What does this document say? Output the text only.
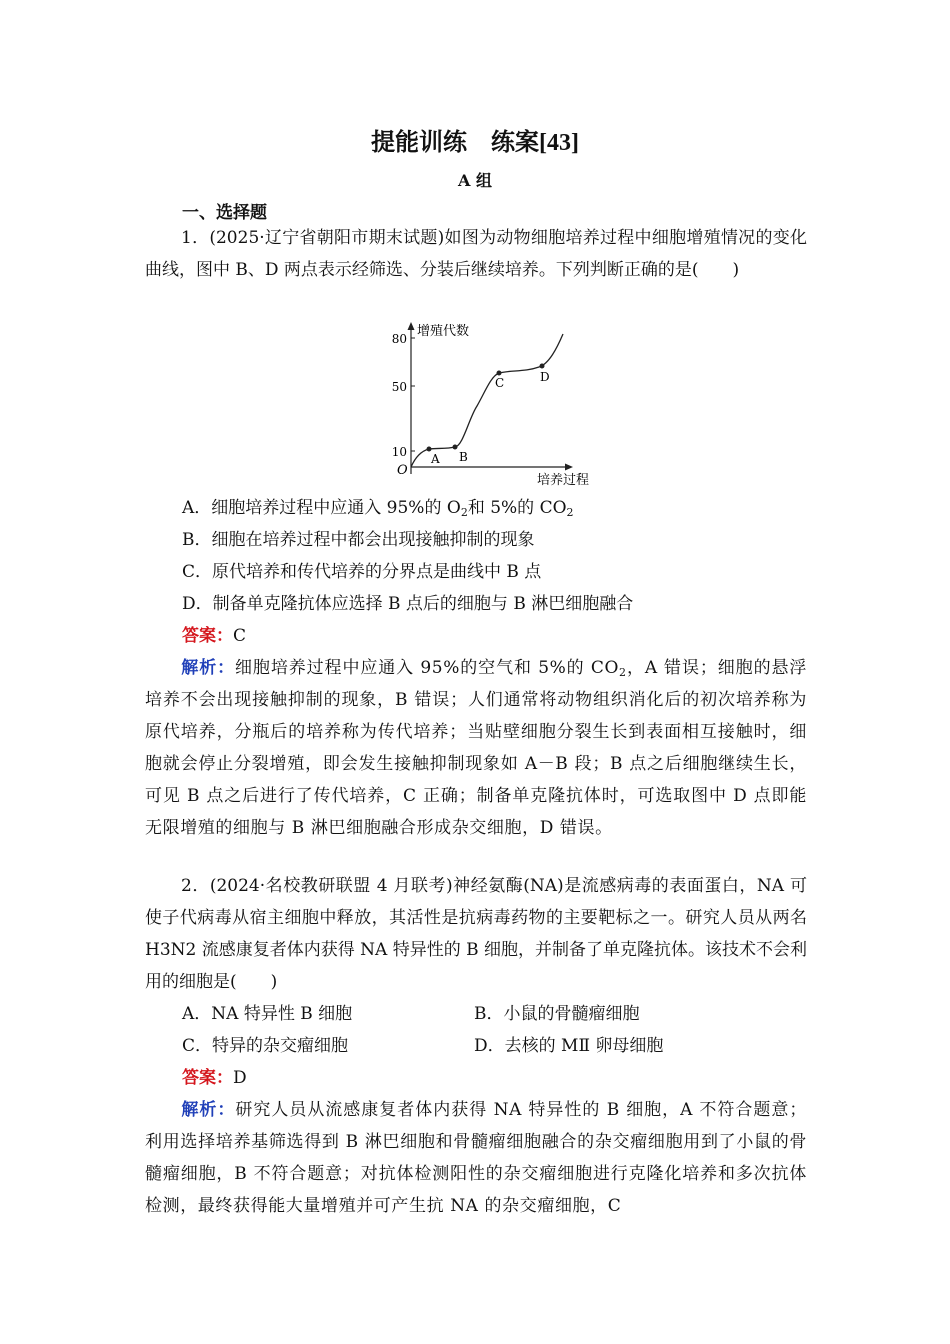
提能训练　练案[43]
A 组
一、选择题
1．(2025·辽宁省朝阳市期末试题)如图为动物细胞培养过程中细胞增殖情况的变化曲线，图中 B、D 两点表示经筛选、分装后继续培养。下列判断正确的是(　　)
增殖代数
80
50
10
O
A B
C	D
培养过程
A．细胞培养过程中应通入 95%的 $O_2$和 5%的 $CO_2$
B．细胞在培养过程中都会出现接触抑制的现象
C．原代培养和传代培养的分界点是曲线中 B 点
D．制备单克隆抗体应选择 B 点后的细胞与 B 淋巴细胞融合
答案：C
解析：细胞培养过程中应通入 95%的空气和 5%的 $CO_2$，A 错误；细胞的悬浮培养不会出现接触抑制的现象，B 错误；人们通常将动物组织消化后的初次培养称为原代培养，分瓶后的培养称为传代培养；当贴壁细胞分裂生长到表面相互接触时，细胞就会停止分裂增殖，即会发生接触抑制现象如 A－B 段；B 点之后细胞继续生长，可见 B 点之后进行了传代培养，C 正确；制备单克隆抗体时，可选取图中 D 点即能无限增殖的细胞与 B 淋巴细胞融合形成杂交细胞，D 错误。
2．(2024·名校教研联盟 4 月联考)神经氨酶(NA)是流感病毒的表面蛋白，NA 可使子代病毒从宿主细胞中释放，其活性是抗病毒药物的主要靶标之一。研究人员从两名 H3N2 流感康复者体内获得 NA 特异性的 B 细胞，并制备了单克隆抗体。该技术不会利用的细胞是(　　)
A．NA 特异性 B 细胞	B．小鼠的骨髓瘤细胞
C．特异的杂交瘤细胞	D．去核的 MⅡ 卵母细胞
答案：D
解析：研究人员从流感康复者体内获得 NA 特异性的 B 细胞，A 不符合题意；利用选择培养基筛选得到 B 淋巴细胞和骨髓瘤细胞融合的杂交瘤细胞用到了小鼠的骨髓瘤细胞，B 不符合题意；对抗体检测阳性的杂交瘤细胞进行克隆化培养和多次抗体检测，最终获得能大量增殖并可产生抗 NA 的杂交瘤细胞，C
